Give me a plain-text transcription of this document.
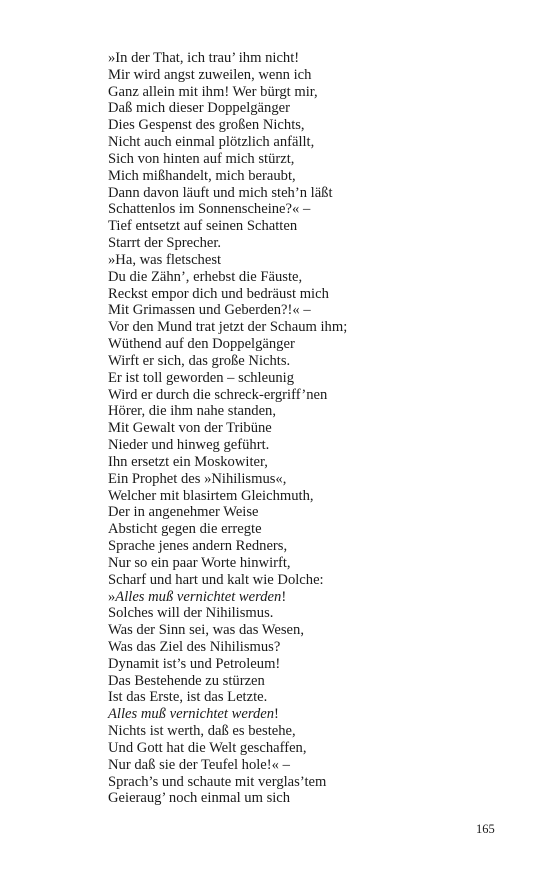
»In der That, ich trau’ ihm nicht!
Mir wird angst zuweilen, wenn ich
Ganz allein mit ihm! Wer bürgt mir,
Daß mich dieser Doppelgänger
Dies Gespenst des großen Nichts,
Nicht auch einmal plötzlich anfällt,
Sich von hinten auf mich stürzt,
Mich mißhandelt, mich beraubt,
Dann davon läuft und mich steh’n läßt
Schattenlos im Sonnenscheine?« –
Tief entsetzt auf seinen Schatten
Starrt der Sprecher.
»Ha, was fletschest
Du die Zähn’, erhebst die Fäuste,
Reckst empor dich und bedräust mich
Mit Grimassen und Geberden?!« –
Vor den Mund trat jetzt der Schaum ihm;
Wüthend auf den Doppelgänger
Wirft er sich, das große Nichts.
Er ist toll geworden – schleunig
Wird er durch die schreck-ergriff’nen
Hörer, die ihm nahe standen,
Mit Gewalt von der Tribüne
Nieder und hinweg geführt.
Ihn ersetzt ein Moskowiter,
Ein Prophet des »Nihilismus«,
Welcher mit blasirtem Gleichmuth,
Der in angenehmer Weise
Absticht gegen die erregte
Sprache jenes andern Redners,
Nur so ein paar Worte hinwirft,
Scharf und hart und kalt wie Dolche:
»Alles muß vernichtet werden!
Solches will der Nihilismus.
Was der Sinn sei, was das Wesen,
Was das Ziel des Nihilismus?
Dynamit ist’s und Petroleum!
Das Bestehende zu stürzen
Ist das Erste, ist das Letzte.
Alles muß vernichtet werden!
Nichts ist werth, daß es bestehe,
Und Gott hat die Welt geschaffen,
Nur daß sie der Teufel hole!« –
Sprach’s und schaute mit verglas’tem
Geieraug’ noch einmal um sich
165
